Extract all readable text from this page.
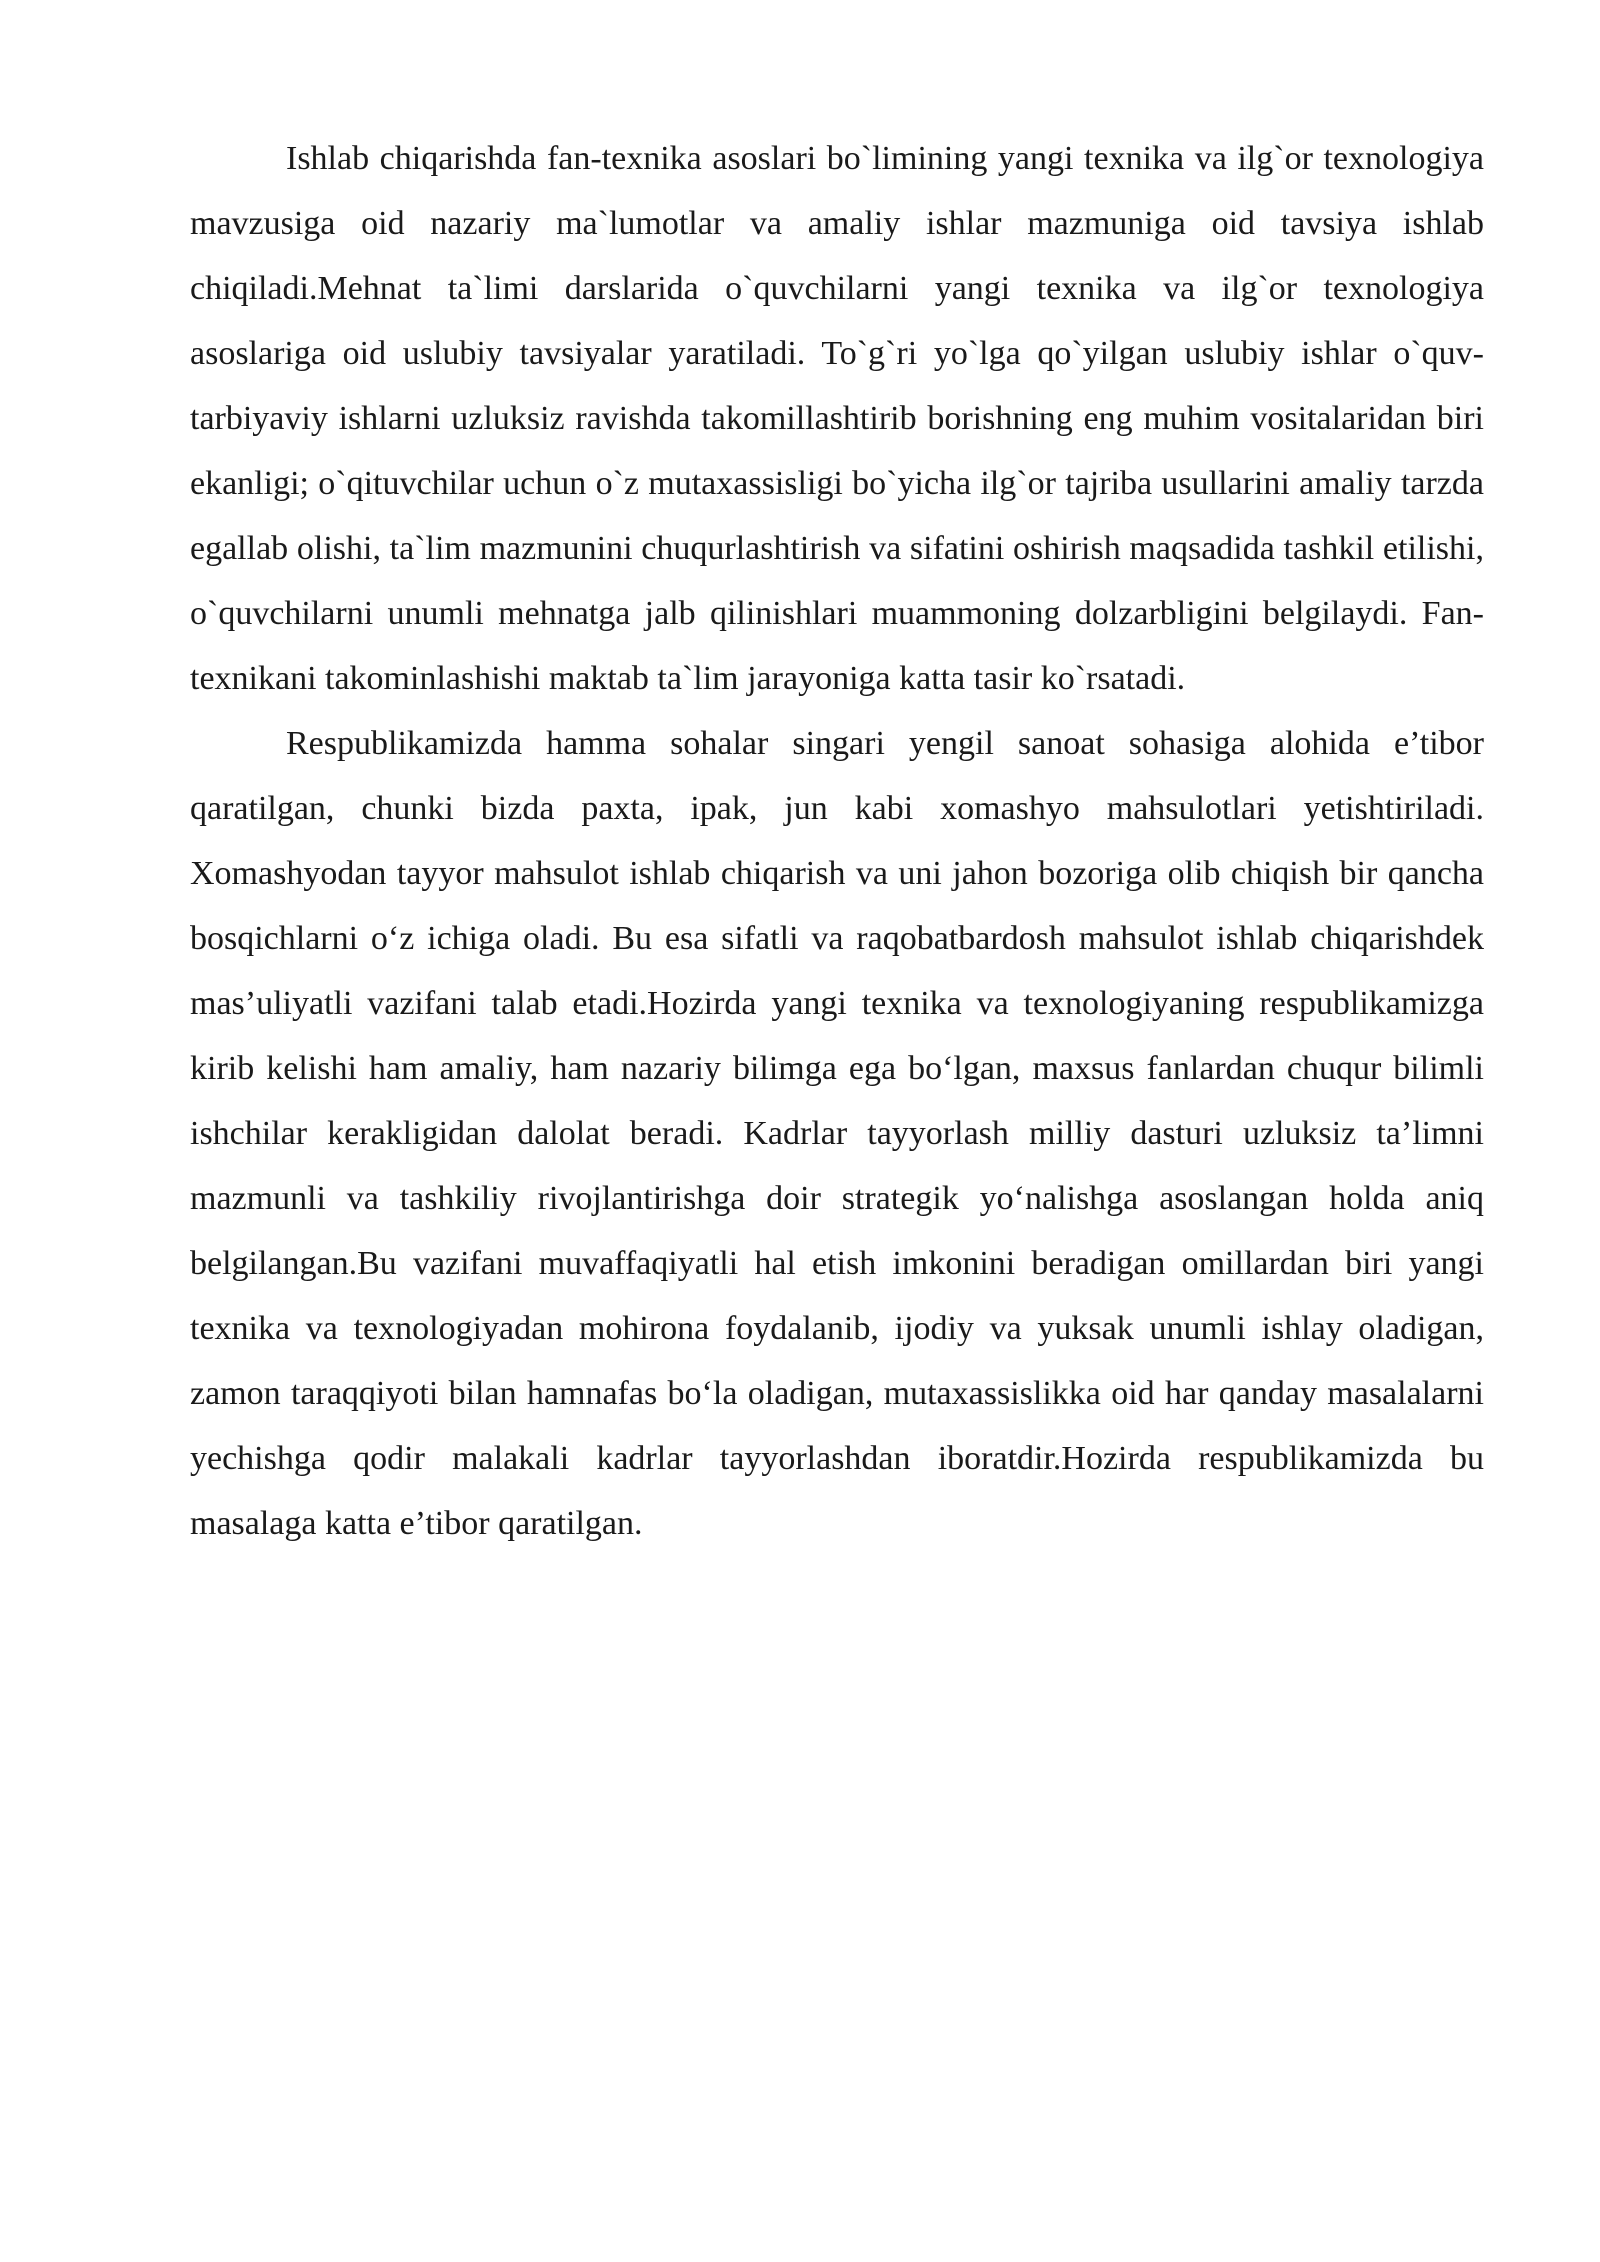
Ishlab chiqarishda fan-texnika asoslari bo`limining yangi texnika va ilg`or texnologiya mavzusiga oid nazariy ma`lumotlar va amaliy ishlar mazmuniga oid tavsiya ishlab chiqiladi.Mehnat ta`limi darslarida o`quvchilarni yangi texnika va ilg`or texnologiya asoslariga oid uslubiy tavsiyalar yaratiladi. To`g`ri yo`lga qo`yilgan uslubiy ishlar o`quv-tarbiyaviy ishlarni uzluksiz ravishda takomillashtirib borishning eng muhim vositalaridan biri ekanligi; o`qituvchilar uchun o`z mutaxassisligi bo`yicha ilg`or tajriba usullarini amaliy tarzda egallab olishi, ta`lim mazmunini chuqurlashtirish va sifatini oshirish maqsadida tashkil etilishi, o`quvchilarni unumli mehnatga jalb qilinishlari muammoning dolzarbligini belgilaydi. Fan-texnikani takominlashishi maktab ta`lim jarayoniga katta tasir ko`rsatadi.

Respublikamizda hamma sohalar singari yengil sanoat sohasiga alohida e’tibor qaratilgan, chunki bizda paxta, ipak, jun kabi xomashyo mahsulotlari yetishtiriladi. Xomashyodan tayyor mahsulot ishlab chiqarish va uni jahon bozoriga olib chiqish bir qancha bosqichlarni o‘z ichiga oladi. Bu esa sifatli va raqobatbardosh mahsulot ishlab chiqarishdek mas’uliyatli vazifani talab etadi.Hozirda yangi texnika va texnologiyaning respublikamizga kirib kelishi ham amaliy, ham nazariy bilimga ega bo‘lgan, maxsus fanlardan chuqur bilimli ishchilar kerakligidan dalolat beradi. Kadrlar tayyorlash milliy dasturi uzluksiz ta’limni mazmunli va tashkiliy rivojlantirishga doir strategik yo‘nalishga asoslangan holda aniq belgilangan.Bu vazifani muvaffaqiyatli hal etish imkonini beradigan omillardan biri yangi texnika va texnologiyadan mohirona foydalanib, ijodiy va yuksak unumli ishlay oladigan, zamon taraqqiyoti bilan hamnafas bo‘la oladigan, mutaxassislikka oid har qanday masalalarni yechishga qodir malakali kadrlar tayyorlashdan iboratdir.Hozirda respublikamizda bu masalaga katta e’tibor qaratilgan.
